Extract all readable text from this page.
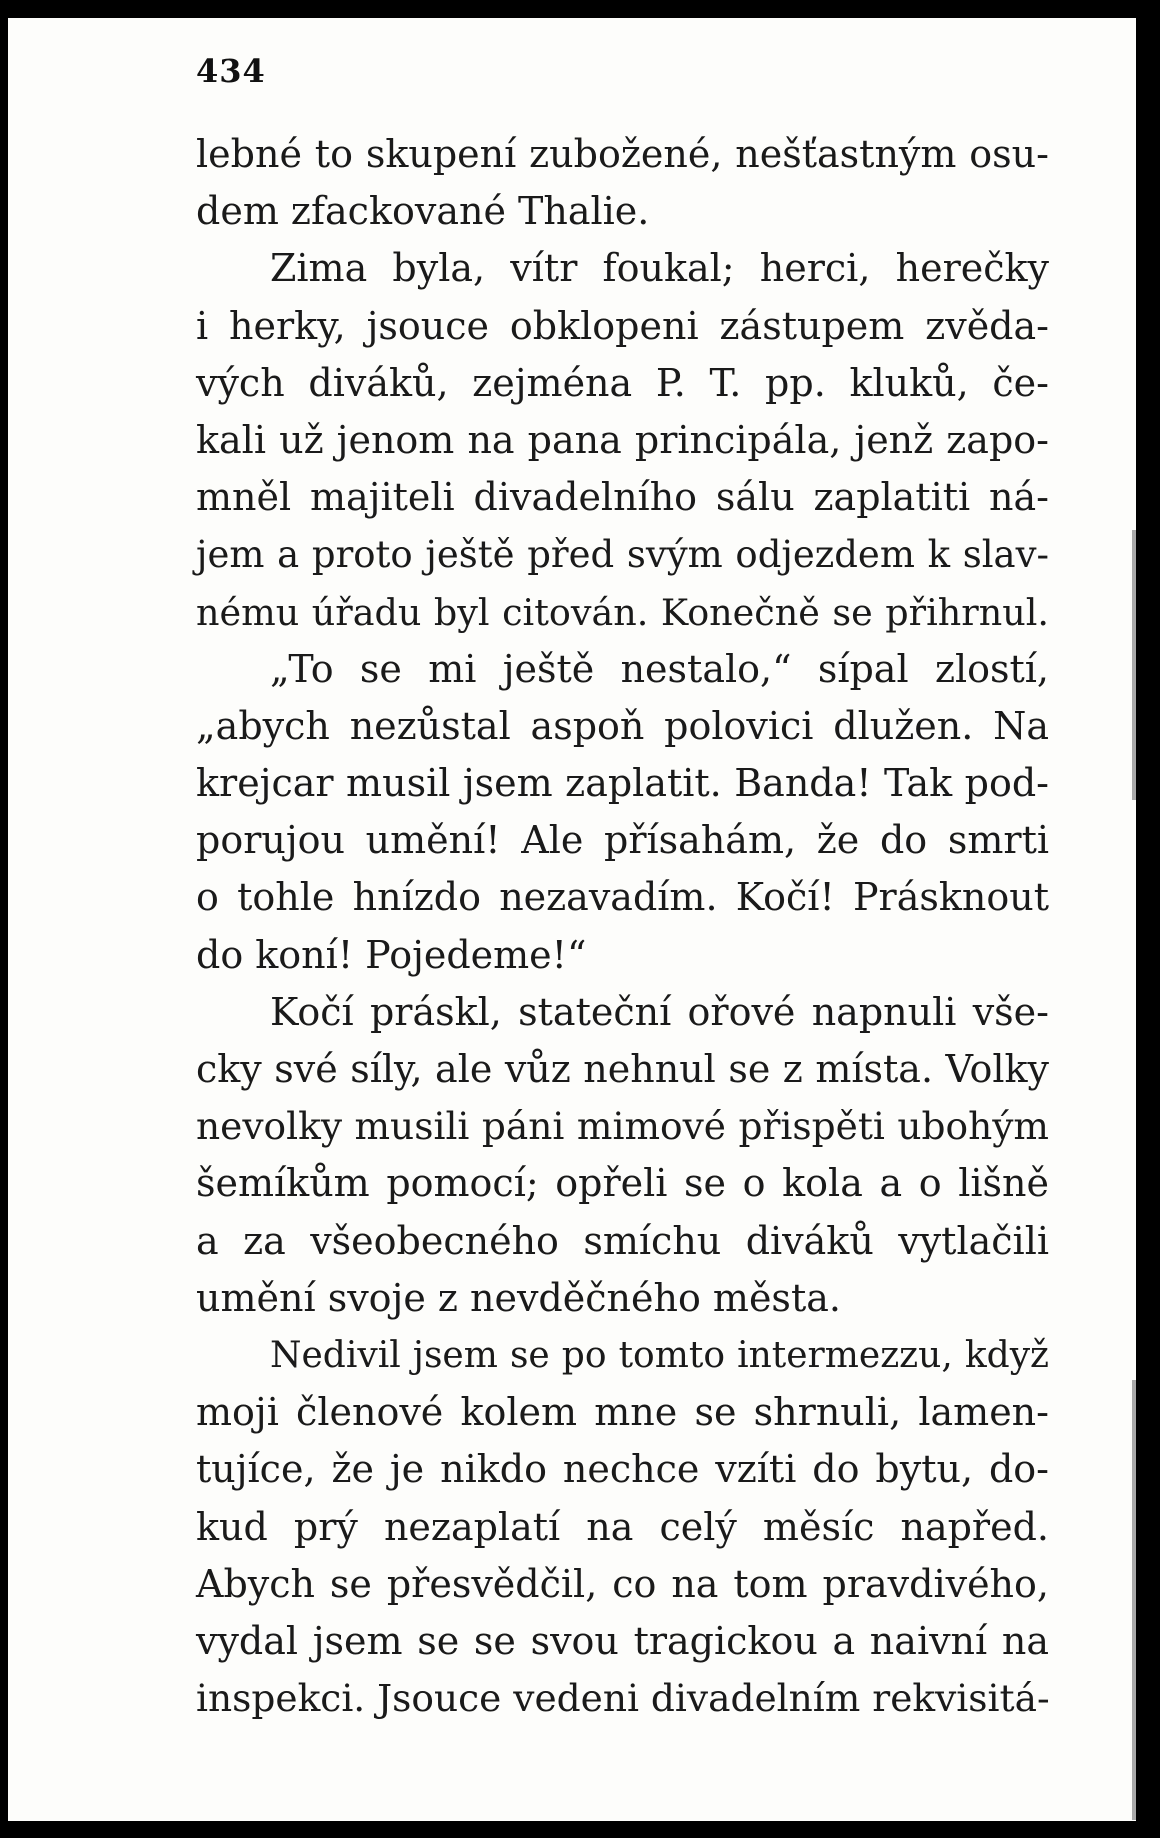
434

lebné to skupení zubožené, nešťastným osu-
dem zfackované Thalie.
Zima byla, vítr foukal; herci, herečky
i herky, jsouce obklopeni zástupem zvěda-
vých diváků, zejména P. T. pp. kluků, če-
kali už jenom na pana principála, jenž zapo-
mněl majiteli divadelního sálu zaplatiti ná-
jem a proto ještě před svým odjezdem k slav-
nému úřadu byl citován. Konečně se přihrnul.
„To se mi ještě nestalo,“ sípal zlostí,
„abych nezůstal aspoň polovici dlužen. Na
krejcar musil jsem zaplatit. Banda! Tak pod-
porujou umění! Ale přísahám, že do smrti
o tohle hnízdo nezavadím. Kočí! Prásknout
do koní! Pojedeme!“
Kočí práskl, stateční ořové napnuli vše-
cky své síly, ale vůz nehnul se z místa. Volky
nevolky musili páni mimové přispěti ubohým
šemíkům pomocí; opřeli se o kola a o lišně
a za všeobecného smíchu diváků vytlačili
umění svoje z nevděčného města.
Nedivil jsem se po tomto intermezzu, když
moji členové kolem mne se shrnuli, lamen-
tujíce, že je nikdo nechce vzíti do bytu, do-
kud prý nezaplatí na celý měsíc napřed.
Abych se přesvědčil, co na tom pravdivého,
vydal jsem se se svou tragickou a naivní na
inspekci. Jsouce vedeni divadelním rekvisitá-
